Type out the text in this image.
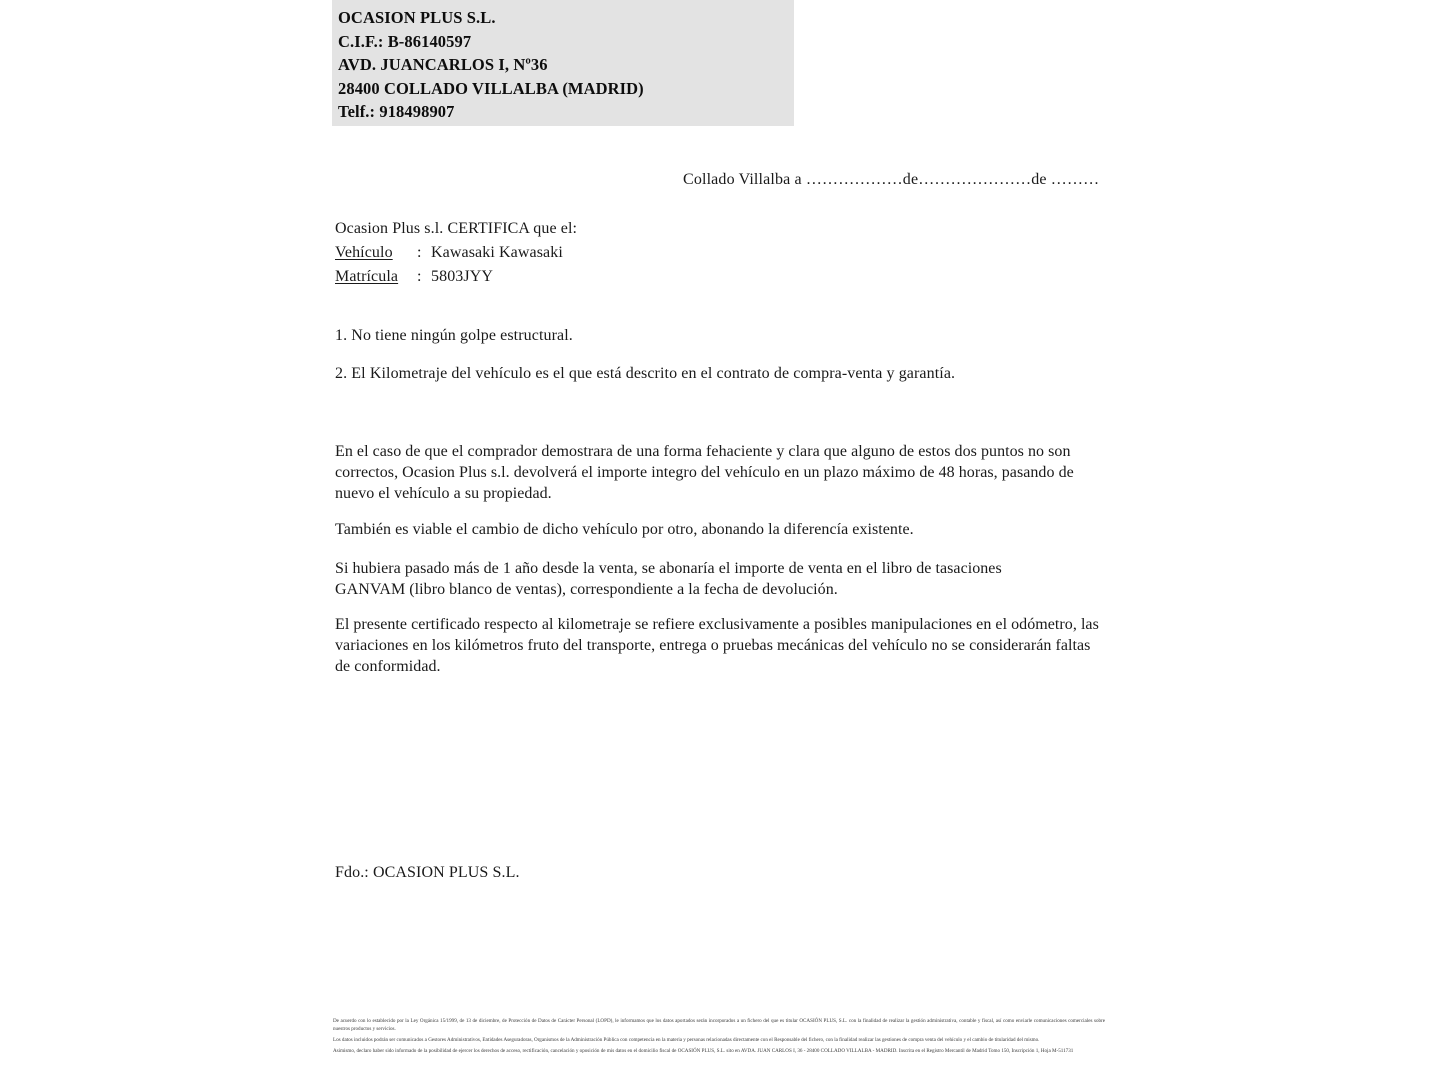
OCASION PLUS S.L.
C.I.F.: B-86140597
AVD. JUANCARLOS I, Nº36
28400 COLLADO VILLALBA (MADRID)
Telf.: 918498907
Collado Villalba a ………………de…………………de ………
Ocasion Plus s.l. CERTIFICA que el:
Vehículo : Kawasaki Kawasaki
Matrícula : 5803JYY
1. No tiene ningún golpe estructural.
2. El Kilometraje del vehículo es el que está descrito en el contrato de compra-venta y garantía.
En el caso de que el comprador demostrara de una forma fehaciente y clara que alguno de estos dos puntos no son correctos, Ocasion Plus s.l. devolverá el importe integro del vehículo en un plazo máximo de 48 horas, pasando de nuevo el vehículo a su propiedad.
También es viable el cambio de dicho vehículo por otro, abonando la diferencía existente.
Si hubiera pasado más de 1 año desde la venta, se abonaría el importe de venta en el libro de tasaciones GANVAM (libro blanco de ventas), correspondiente a la fecha de devolución.
El presente certificado respecto al kilometraje se refiere exclusivamente a posibles manipulaciones en el odómetro, las variaciones en los kilómetros fruto del transporte, entrega o pruebas mecánicas del vehículo no se considerarán faltas de conformidad.
Fdo.: OCASION PLUS S.L.

De acuerdo con lo establecido por la Ley Orgánica 15/1999, de 13 de diciembre, de Protección de Datos de Carácter Personal (LOPD), le informamos que los datos aportados serán incorporados a un fichero del que es titular OCASIÓN PLUS, S.L. con la finalidad de realizar la gestión administrativa, contable y fiscal, así como enviarle comunicaciones comerciales sobre nuestros productos y servicios.

Los datos incluidos podrán ser comunicados a Gestores Administrativos, Entidades Aseguradoras, Organismos de la Administración Pública con competencia en la materia y personas relacionadas directamente con el Responsable del fichero, con la finalidad realizar las gestiones de compra venta del vehículo y el cambio de titularidad del mismo.

Asimismo, declaro haber sido informado de la posibilidad de ejercer los derechos de acceso, rectificación, cancelación y oposición de mis datos en el domicilio fiscal de OCASIÓN PLUS, S.L. sito en AVDA. JUAN CARLOS I, 36 - 28400 COLLADO VILLALBA - MADRID. Inscrita en el Registro Mercantil de Madrid Tomo 150, Inscripción 1, Hoja M-511731
